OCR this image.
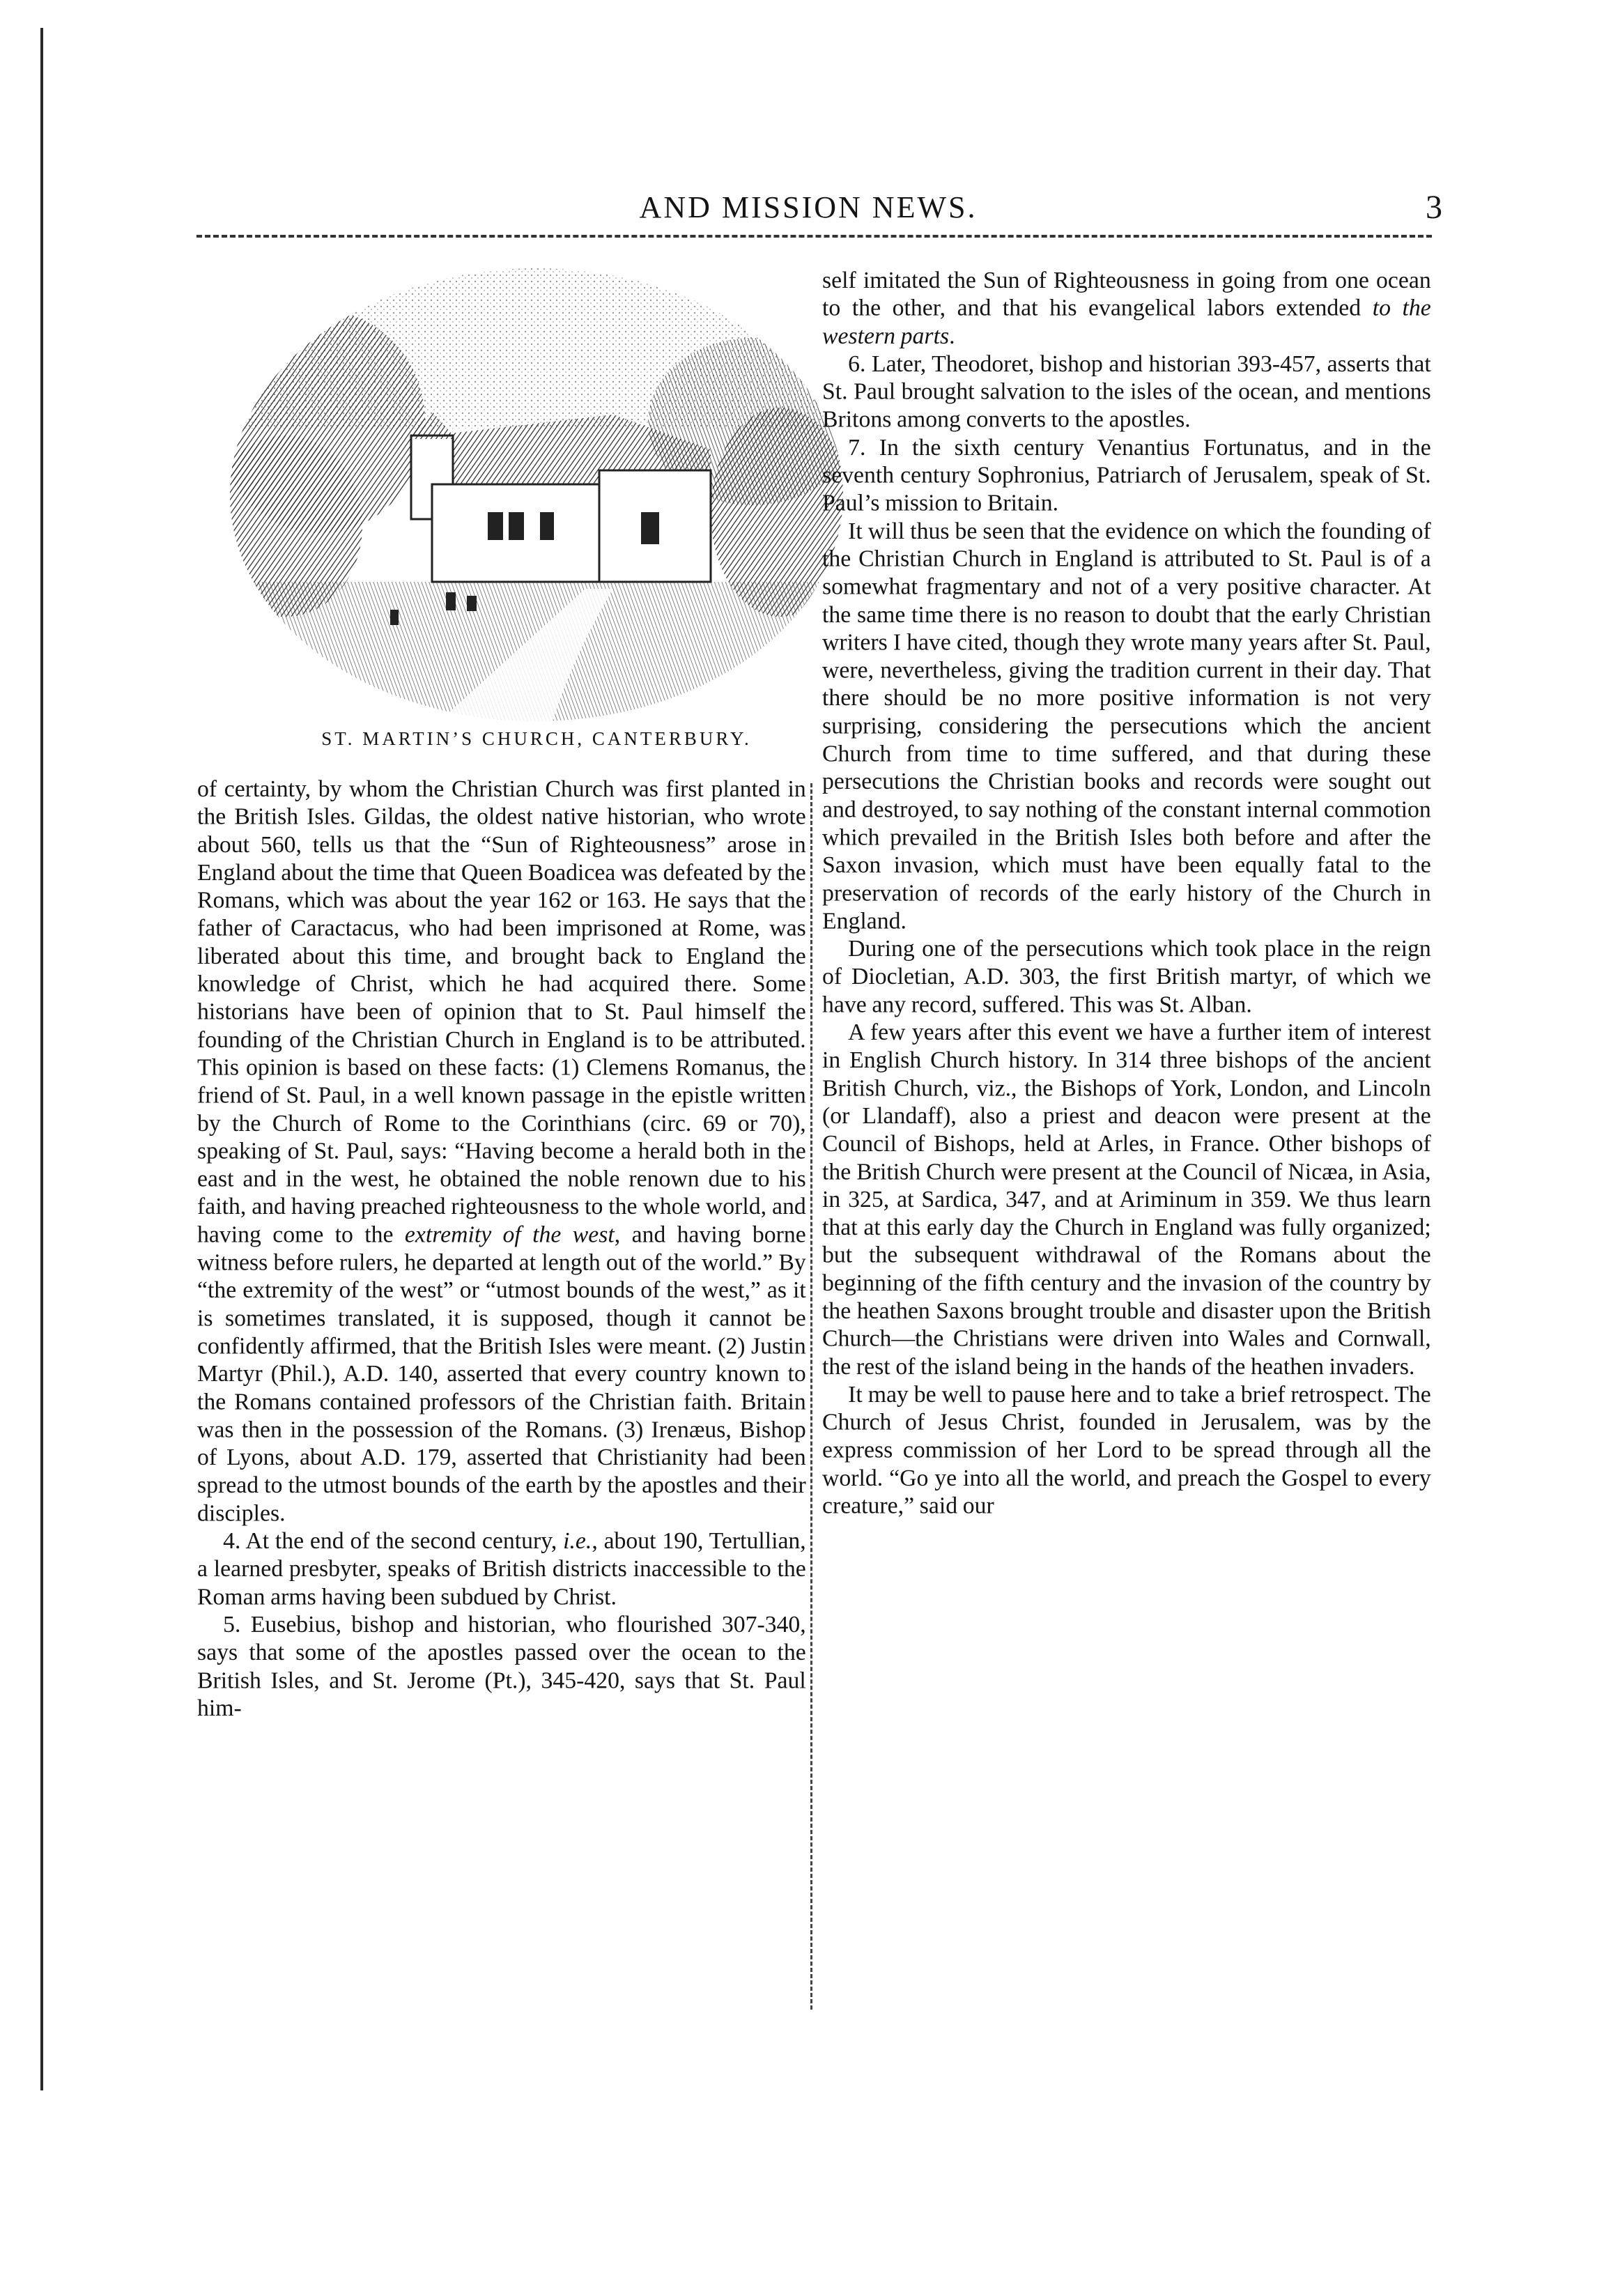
AND MISSION NEWS.	3
ST. MARTIN’S CHURCH, CANTERBURY.

of certainty, by whom the Christian Church was first planted in the British Isles. Gildas, the oldest native historian, who wrote about 560, tells us that the “Sun of Righteousness” arose in England about the time that Queen Boadicea was defeated by the Romans, which was about the year 162 or 163. He says that the father of Caractacus, who had been imprisoned at Rome, was liberated about this time, and brought back to England the knowledge of Christ, which he had acquired there. Some historians have been of opinion that to St. Paul himself the founding of the Christian Church in England is to be attributed. This opinion is based on these facts: (1) Clemens Romanus, the friend of St. Paul, in a well known passage in the epistle written by the Church of Rome to the Corinthians (circ. 69 or 70), speaking of St. Paul, says: “Having become a herald both in the east and in the west, he obtained the noble renown due to his faith, and having preached righteousness to the whole world, and having come to the extremity of the west, and having borne witness before rulers, he departed at length out of the world.” By “the extremity of the west” or “utmost bounds of the west,” as it is sometimes translated, it is supposed, though it cannot be confidently affirmed, that the British Isles were meant. (2) Justin Martyr (Phil.), A.D. 140, asserted that every country known to the Romans contained professors of the Christian faith. Britain was then in the possession of the Romans. (3) Irenæus, Bishop of Lyons, about A.D. 179, asserted that Christianity had been spread to the utmost bounds of the earth by the apostles and their disciples.

4. At the end of the second century, i.e., about 190, Tertullian, a learned presbyter, speaks of British districts inaccessible to the Roman arms having been subdued by Christ.

5. Eusebius, bishop and historian, who flourished 307-340, says that some of the apostles passed over the ocean to the British Isles, and St. Jerome (Pt.), 345-420, says that St. Paul him-

self imitated the Sun of Righteousness in going from one ocean to the other, and that his evangelical labors extended to the western parts.

6. Later, Theodoret, bishop and historian 393-457, asserts that St. Paul brought salvation to the isles of the ocean, and mentions Britons among converts to the apostles.

7. In the sixth century Venantius Fortunatus, and in the seventh century Sophronius, Patriarch of Jerusalem, speak of St. Paul’s mission to Britain.

It will thus be seen that the evidence on which the founding of the Christian Church in England is attributed to St. Paul is of a somewhat fragmentary and not of a very positive character. At the same time there is no reason to doubt that the early Christian writers I have cited, though they wrote many years after St. Paul, were, nevertheless, giving the tradition current in their day. That there should be no more positive information is not very surprising, considering the persecutions which the ancient Church from time to time suffered, and that during these persecutions the Christian books and records were sought out and destroyed, to say nothing of the constant internal commotion which prevailed in the British Isles both before and after the Saxon invasion, which must have been equally fatal to the preservation of records of the early history of the Church in England.

During one of the persecutions which took place in the reign of Diocletian, A.D. 303, the first British martyr, of which we have any record, suffered. This was St. Alban.

A few years after this event we have a further item of interest in English Church history. In 314 three bishops of the ancient British Church, viz., the Bishops of York, London, and Lincoln (or Llandaff), also a priest and deacon were present at the Council of Bishops, held at Arles, in France. Other bishops of the British Church were present at the Council of Nicæa, in Asia, in 325, at Sardica, 347, and at Ariminum in 359. We thus learn that at this early day the Church in England was fully organized; but the subsequent withdrawal of the Romans about the beginning of the fifth century and the invasion of the country by the heathen Saxons brought trouble and disaster upon the British Church—the Christians were driven into Wales and Cornwall, the rest of the island being in the hands of the heathen invaders.

It may be well to pause here and to take a brief retrospect. The Church of Jesus Christ, founded in Jerusalem, was by the express commission of her Lord to be spread through all the world. “Go ye into all the world, and preach the Gospel to every creature,” said our
